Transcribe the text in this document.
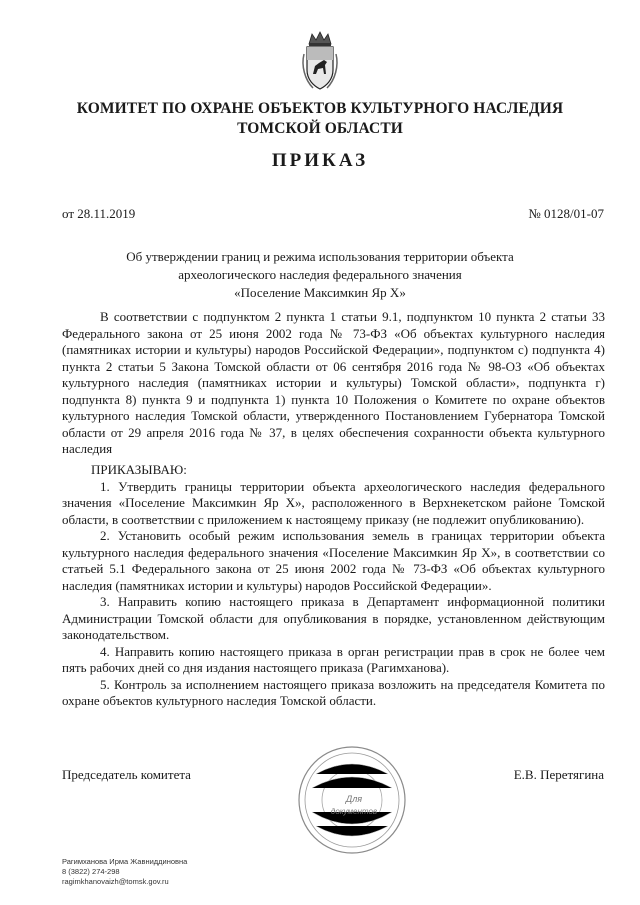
КОМИТЕТ ПО ОХРАНЕ ОБЪЕКТОВ КУЛЬТУРНОГО НАСЛЕДИЯ
ТОМСКОЙ ОБЛАСТИ
ПРИКАЗ
от 28.11.2019	№ 0128/01-07
Об утверждении границ и режима использования территории объекта
археологического наследия федерального значения
«Поселение Максимкин Яр X»

В соответствии с подпунктом 2 пункта 1 статьи 9.1, подпунктом 10 пункта 2 статьи 33 Федерального закона от 25 июня 2002 года № 73-ФЗ «Об объектах культурного наследия (памятниках истории и культуры) народов Российской Федерации», подпунктом с) подпункта 4) пункта 2 статьи 5 Закона Томской области от 06 сентября 2016 года № 98-ОЗ «Об объектах культурного наследия (памятниках истории и культуры) Томской области», подпункта г) подпункта 8) пункта 9 и подпункта 1) пункта 10 Положения о Комитете по охране объектов культурного наследия Томской области, утвержденного Постановлением Губернатора Томской области от 29 апреля 2016 года № 37, в целях обеспечения сохранности объекта культурного наследия

ПРИКАЗЫВАЮ:

1. Утвердить границы территории объекта археологического наследия федерального значения «Поселение Максимкин Яр X», расположенного в Верхнекетском районе Томской области, в соответствии с приложением к настоящему приказу (не подлежит опубликованию).

2. Установить особый режим использования земель в границах территории объекта культурного наследия федерального значения «Поселение Максимкин Яр X», в соответствии со статьей 5.1 Федерального закона от 25 июня 2002 года № 73-ФЗ «Об объектах культурного наследия (памятниках истории и культуры) народов Российской Федерации».

3. Направить копию настоящего приказа в Департамент информационной политики Администрации Томской области для опубликования в порядке, установленном действующим законодательством.

4. Направить копию настоящего приказа в орган регистрации прав в срок не более чем пять рабочих дней со дня издания настоящего приказа (Рагимханова).

5. Контроль за исполнением настоящего приказа возложить на председателя Комитета по охране объектов культурного наследия Томской области.

Председатель комитета	Е.В. Перетягина
Для
документов
Рагимханова Ирма Жавниддиновна
8 (3822) 274-298
ragimkhanovaizh@tomsk.gov.ru
